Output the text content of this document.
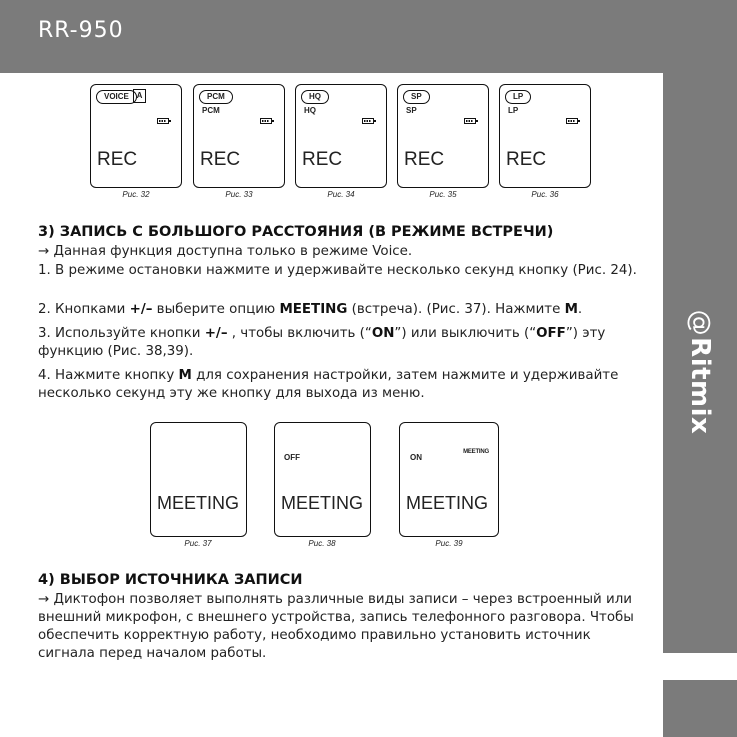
RR-950
@Ritmix
VOICE A
REC
Рис. 32
PCM
PCM
REC
Рис. 33
HQ
HQ
REC
Рис. 34
SP
SP
REC
Рис. 35
LP
LP
REC
Рис. 36
3) ЗАПИСЬ С БОЛЬШОГО РАССТОЯНИЯ (В РЕЖИМЕ ВСТРЕЧИ)
→ Данная функция доступна только в режиме Voice.
1. В режиме остановки нажмите и удерживайте несколько секунд кнопку (Рис. 24).
2. Кнопками +/– выберите опцию MEETING (встреча). (Рис. 37). Нажмите M.
3. Используйте кнопки +/– , чтобы включить (“ON”) или выключить (“OFF”) эту функцию (Рис. 38,39).
4. Нажмите кнопку M для сохранения настройки, затем нажмите и удерживайте несколько секунд эту же кнопку для выхода из меню.
MEETING
Рис. 37
OFF
MEETING
Рис. 38
ON
MEETING
MEETING
Рис. 39
4) ВЫБОР ИСТОЧНИКА ЗАПИСИ
→ Диктофон позволяет выполнять различные виды записи – через встроенный или внешний микрофон, с внешнего устройства, запись телефонного разговора. Чтобы обеспечить корректную работу, необходимо правильно установить источник сигнала перед началом работы.
